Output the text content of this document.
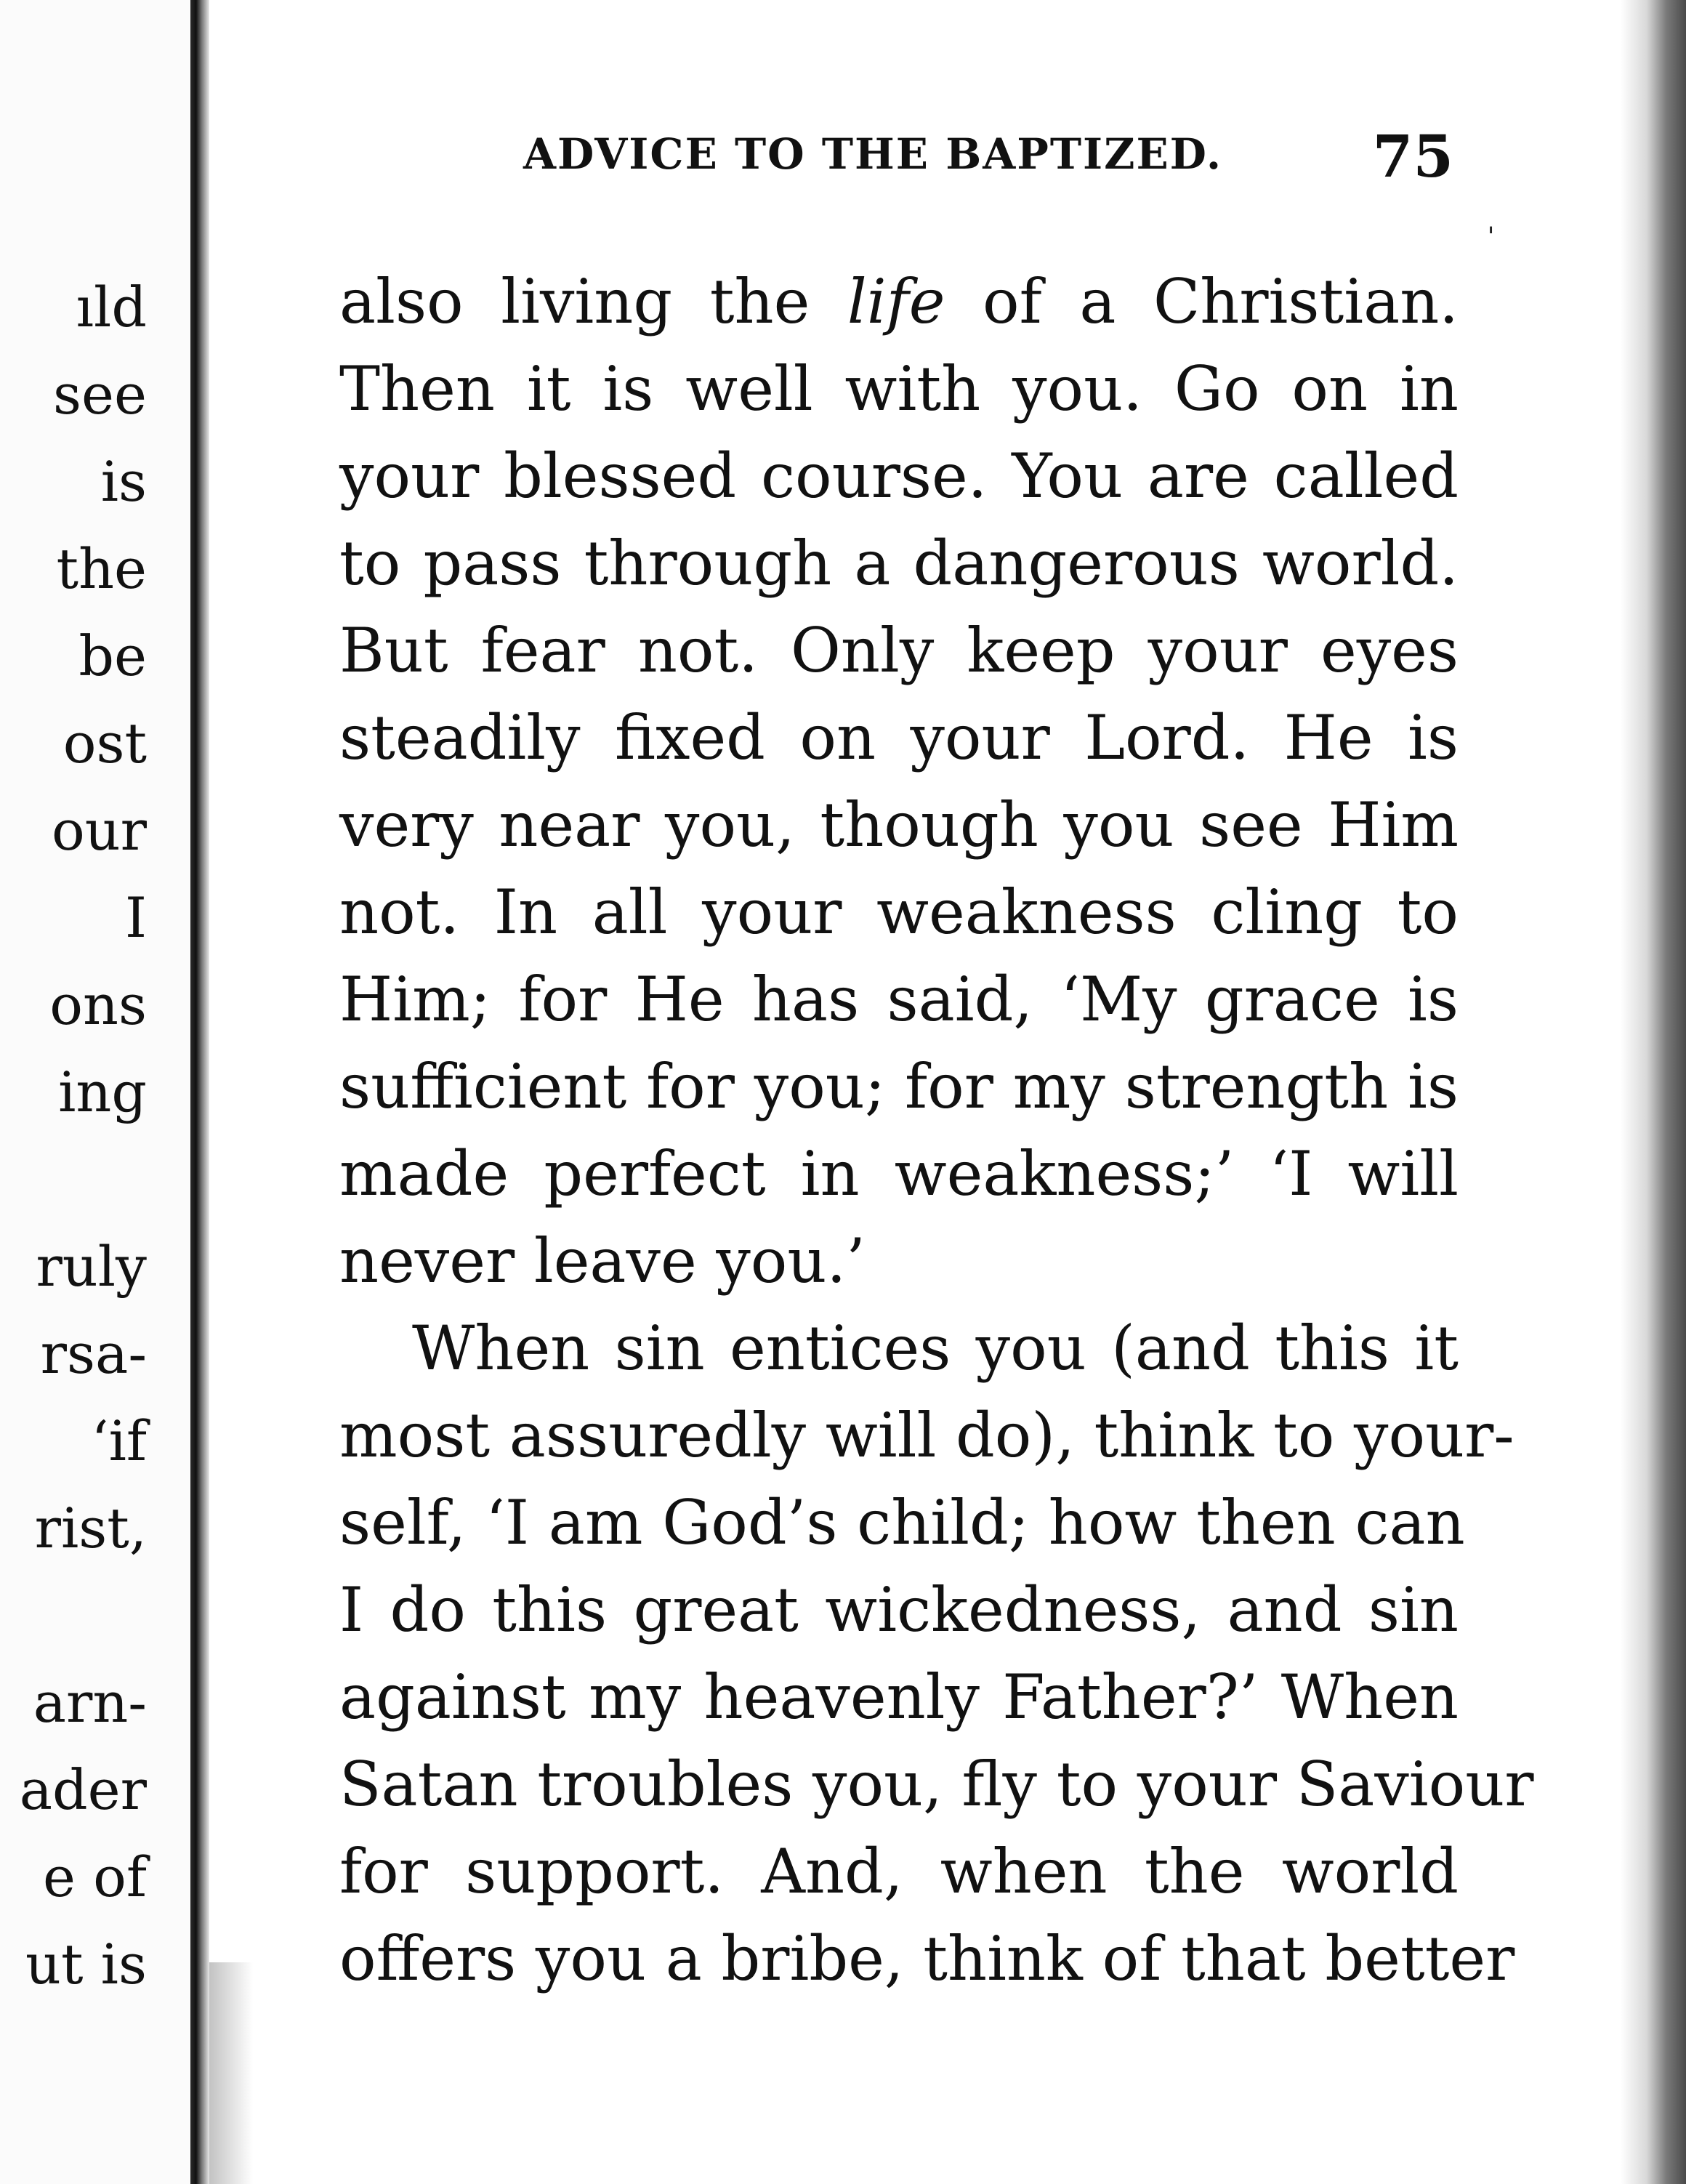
ıld

see

is

the

be

ost

our

I

ons

ing

ruly

rsa-

‘if

rist,

arn-

ader

e of

ut is

ADVICE TO THE BAPTIZED.	75
also living the life of a Christian.
Then it is well with you. Go on in
your blessed course. You are called
to pass through a dangerous world.
But fear not. Only keep your eyes
steadily fixed on your Lord. He is
very near you, though you see Him
not. In all your weakness cling to
Him; for He has said, ‘My grace is
sufficient for you; for my strength is
made perfect in weakness;’ ‘I will
never leave you.’
When sin entices you (and this it
most assuredly will do), think to your-
self, ‘I am God’s child; how then can
I do this great wickedness, and sin
against my heavenly Father?’ When
Satan troubles you, fly to your Saviour
for support. And, when the world
offers you a bribe, think of that better
ˌ
